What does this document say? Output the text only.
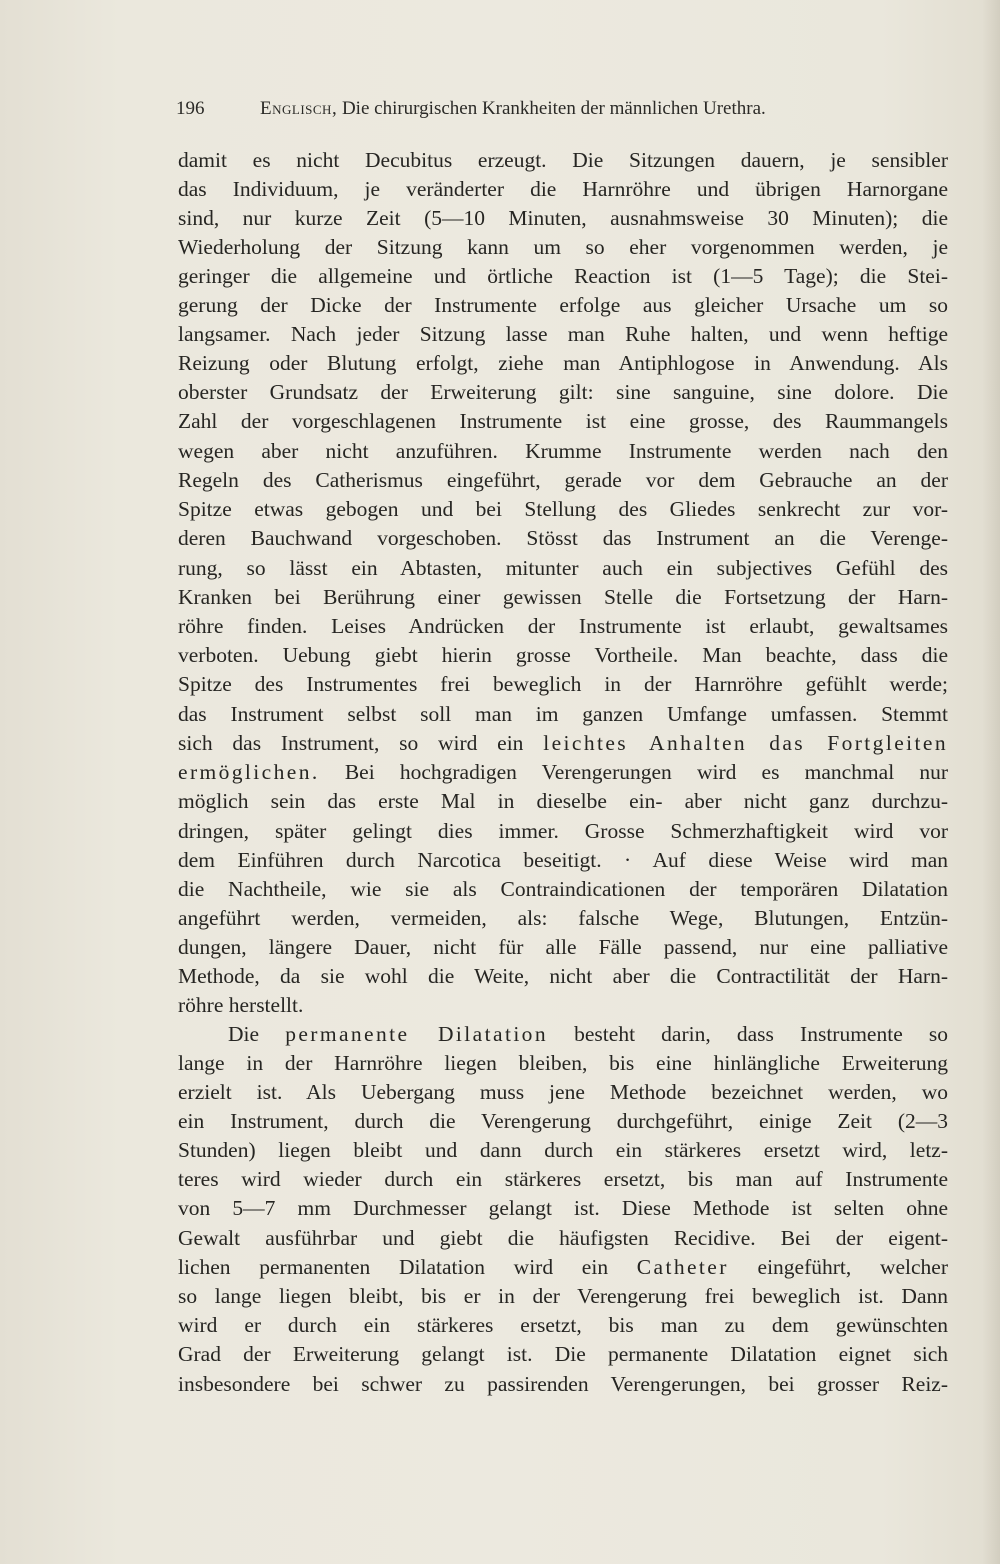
196	Englisch, Die chirurgischen Krankheiten der männlichen Urethra.
damit es nicht Decubitus erzeugt. Die Sitzungen dauern, je sensibler
das Individuum, je veränderter die Harnröhre und übrigen Harnorgane
sind, nur kurze Zeit (5—10 Minuten, ausnahmsweise 30 Minuten); die
Wiederholung der Sitzung kann um so eher vorgenommen werden, je
geringer die allgemeine und örtliche Reaction ist (1—5 Tage); die Stei-
gerung der Dicke der Instrumente erfolge aus gleicher Ursache um so
langsamer. Nach jeder Sitzung lasse man Ruhe halten, und wenn heftige
Reizung oder Blutung erfolgt, ziehe man Antiphlogose in Anwendung. Als
oberster Grundsatz der Erweiterung gilt: sine sanguine, sine dolore. Die
Zahl der vorgeschlagenen Instrumente ist eine grosse, des Raummangels
wegen aber nicht anzuführen. Krumme Instrumente werden nach den
Regeln des Catherismus eingeführt, gerade vor dem Gebrauche an der
Spitze etwas gebogen und bei Stellung des Gliedes senkrecht zur vor-
deren Bauchwand vorgeschoben. Stösst das Instrument an die Verenge-
rung, so lässt ein Abtasten, mitunter auch ein subjectives Gefühl des
Kranken bei Berührung einer gewissen Stelle die Fortsetzung der Harn-
röhre finden. Leises Andrücken der Instrumente ist erlaubt, gewaltsames
verboten. Uebung giebt hierin grosse Vortheile. Man beachte, dass die
Spitze des Instrumentes frei beweglich in der Harnröhre gefühlt werde;
das Instrument selbst soll man im ganzen Umfange umfassen. Stemmt
sich das Instrument, so wird ein leichtes Anhalten das Fortgleiten
ermöglichen. Bei hochgradigen Verengerungen wird es manchmal nur
möglich sein das erste Mal in dieselbe ein- aber nicht ganz durchzu-
dringen, später gelingt dies immer. Grosse Schmerzhaftigkeit wird vor
dem Einführen durch Narcotica beseitigt. · Auf diese Weise wird man
die Nachtheile, wie sie als Contraindicationen der temporären Dilatation
angeführt werden, vermeiden, als: falsche Wege, Blutungen, Entzün-
dungen, längere Dauer, nicht für alle Fälle passend, nur eine palliative
Methode, da sie wohl die Weite, nicht aber die Contractilität der Harn-
röhre herstellt.
Die permanente Dilatation besteht darin, dass Instrumente so
lange in der Harnröhre liegen bleiben, bis eine hinlängliche Erweiterung
erzielt ist. Als Uebergang muss jene Methode bezeichnet werden, wo
ein Instrument, durch die Verengerung durchgeführt, einige Zeit (2—3
Stunden) liegen bleibt und dann durch ein stärkeres ersetzt wird, letz-
teres wird wieder durch ein stärkeres ersetzt, bis man auf Instrumente
von 5—7 mm Durchmesser gelangt ist. Diese Methode ist selten ohne
Gewalt ausführbar und giebt die häufigsten Recidive. Bei der eigent-
lichen permanenten Dilatation wird ein Catheter eingeführt, welcher
so lange liegen bleibt, bis er in der Verengerung frei beweglich ist. Dann
wird er durch ein stärkeres ersetzt, bis man zu dem gewünschten
Grad der Erweiterung gelangt ist. Die permanente Dilatation eignet sich
insbesondere bei schwer zu passirenden Verengerungen, bei grosser Reiz-
